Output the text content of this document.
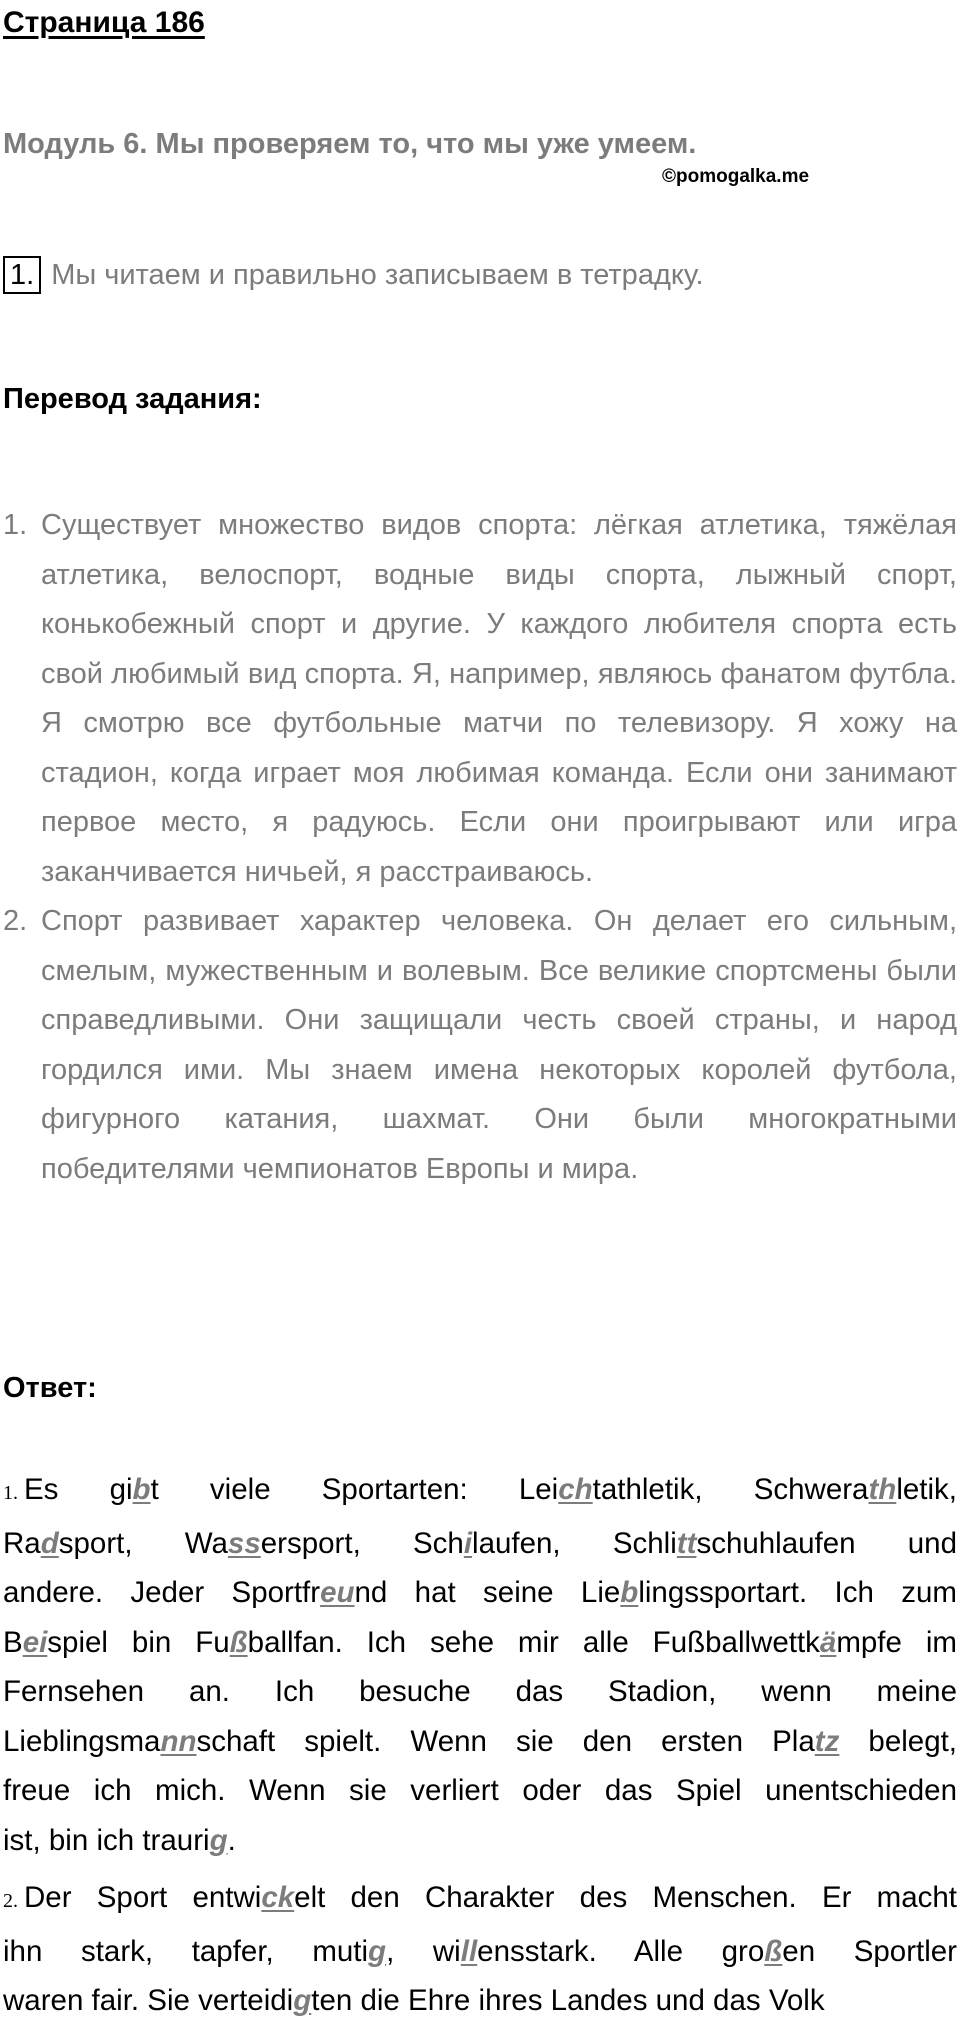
Страница 186
Модуль 6. Мы проверяем то, что мы уже умеем.
©pomogalka.me
1. Мы читаем и правильно записываем в тетрадку.
Перевод задания:
1. Существует множество видов спорта: лёгкая атлетика, тяжёлая атлетика, велоспорт, водные виды спорта, лыжный спорт, конькобежный спорт и другие. У каждого любителя спорта есть свой любимый вид спорта. Я, например, являюсь фанатом футбла. Я смотрю все футбольные матчи по телевизору. Я хожу на стадион, когда играет моя любимая команда. Если они занимают первое место, я радуюсь. Если они проигрывают или игра заканчивается ничьей, я расстраиваюсь.
2. Спорт развивает характер человека. Он делает его сильным, смелым, мужественным и волевым. Все великие спортсмены были справедливыми. Они защищали честь своей страны, и народ гордился ими. Мы знаем имена некоторых королей футбола, фигурного катания, шахмат. Они были многократными победителями чемпионатов Европы и мира.
Ответ:
1. Es gibt viele Sportarten: Leichtathletik, Schwerathletik,
Radsport, Wassersport, Schilaufen, Schlittschuhlaufen und
andere. Jeder Sportfreund hat seine Lieblingssportart. Ich zum
Beispiel bin Fußballfan. Ich sehe mir alle Fußballwettkämpfe im
Fernsehen an. Ich besuche das Stadion, wenn meine
Lieblingsmannschaft spielt. Wenn sie den ersten Platz belegt,
freue ich mich. Wenn sie verliert oder das Spiel unentschieden
ist, bin ich traurig.
2. Der Sport entwickelt den Charakter des Menschen. Er macht
ihn stark, tapfer, mutig, willensstark. Alle großen Sportler
waren fair. Sie verteidigten die Ehre ihres Landes und das Volk
